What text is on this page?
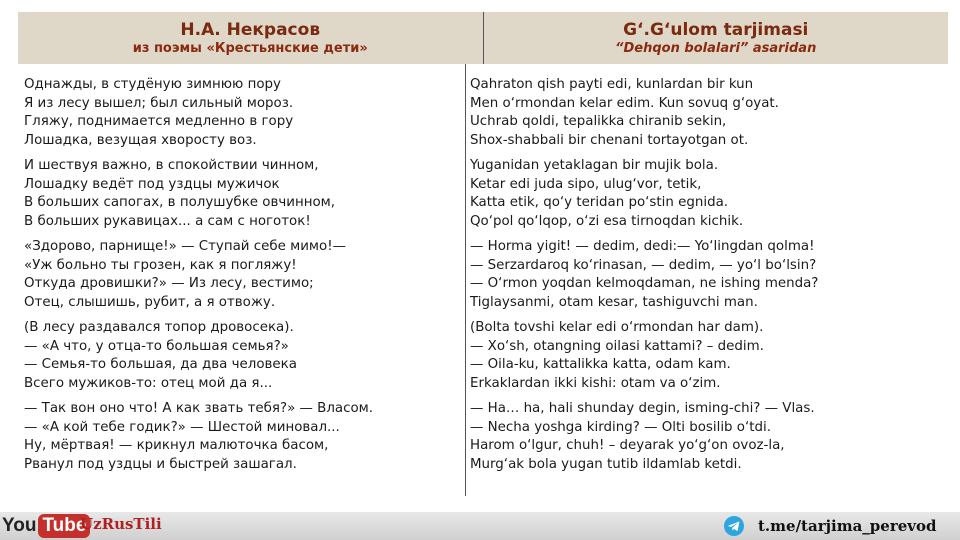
Н.А. Некрасов
из поэмы «Крестьянские дети»
G‘.G‘ulom tarjimasi
“Dehqon bolalari” asaridan
Однажды, в студёную зимнюю пору
Я из лесу вышел; был сильный мороз.
Гляжу, поднимается медленно в гору
Лошадка, везущая хворосту воз.
И шествуя важно, в спокойствии чинном,
Лошадку ведёт под уздцы мужичок
В больших сапогах, в полушубке овчинном,
В больших рукавицах... а сам с ноготок!
«Здорово, парнище!» — Ступай себе мимо!—
«Уж больно ты грозен, как я погляжу!
Откуда дровишки?» — Из лесу, вестимо;
Отец, слышишь, рубит, а я отвожу.
(В лесу раздавался топор дровосека).
— «А что, у отца-то большая семья?»
— Семья-то большая, да два человека
Всего мужиков-то: отец мой да я...
— Так вон оно что! А как звать тебя?» — Власом.
— «А кой тебе годик?» — Шестой миновал...
Ну, мёртвая! — крикнул малюточка басом,
Рванул под уздцы и быстрей зашагал.
Qahraton qish payti edi, kunlardan bir kun
Men o‘rmondan kelar edim. Kun sovuq g‘oyat.
Uchrab qoldi, tepalikka chiranib sekin,
Shox-shabbali bir chenani tortayotgan ot.
Yuganidan yetaklagan bir mujik bola.
Ketar edi juda sipo, ulug‘vor, tetik,
Katta etik, qo‘y teridan po‘stin egnida.
Qo‘pol qo‘lqop, o‘zi esa tirnoqdan kichik.
— Horma yigit! — dedim, dedi:— Yo‘lingdan qolma!
— Serzardaroq ko‘rinasan, — dedim, — yo‘l bo‘lsin?
— O‘rmon yoqdan kelmoqdaman, ne ishing menda?
Tiglaysanmi, otam kesar, tashiguvchi man.
(Bolta tovshi kelar edi o‘rmondan har dam).
— Xo‘sh, otangning oilasi kattami? – dedim.
— Oila-ku, kattalikka katta, odam kam.
Erkaklardan ikki kishi: otam va o‘zim.
— Ha… ha, hali shunday degin, isming-chi? — Vlas.
— Necha yoshga kirding? — Olti bosilib o‘tdi.
Harom o‘lgur, chuh! – deyarak yo‘g‘on ovoz-la,
Murg‘ak bola yugan tutib ildamlab ketdi.
You Tube
UzRusTili	t.me/tarjima_perevod
